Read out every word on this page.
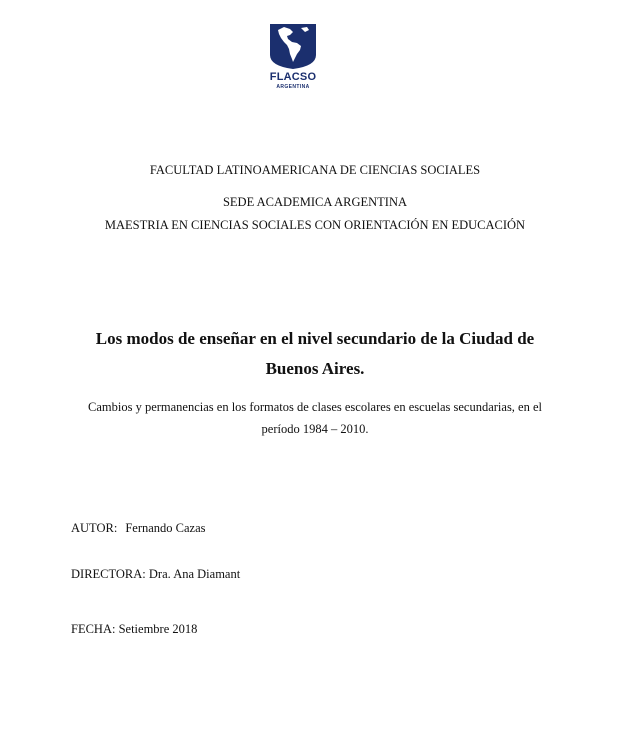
FLACSO
ARGENTINA
FACULTAD LATINOAMERICANA DE CIENCIAS SOCIALES
SEDE ACADEMICA ARGENTINA
MAESTRIA EN CIENCIAS SOCIALES CON ORIENTACIÓN EN EDUCACIÓN
Los modos de enseñar en el nivel secundario de la Ciudad de
Buenos Aires.
Cambios y permanencias en los formatos de clases escolares en escuelas secundarias, en el
período 1984 – 2010.
AUTOR: Fernando Cazas
DIRECTORA: Dra. Ana Diamant
FECHA: Setiembre 2018
